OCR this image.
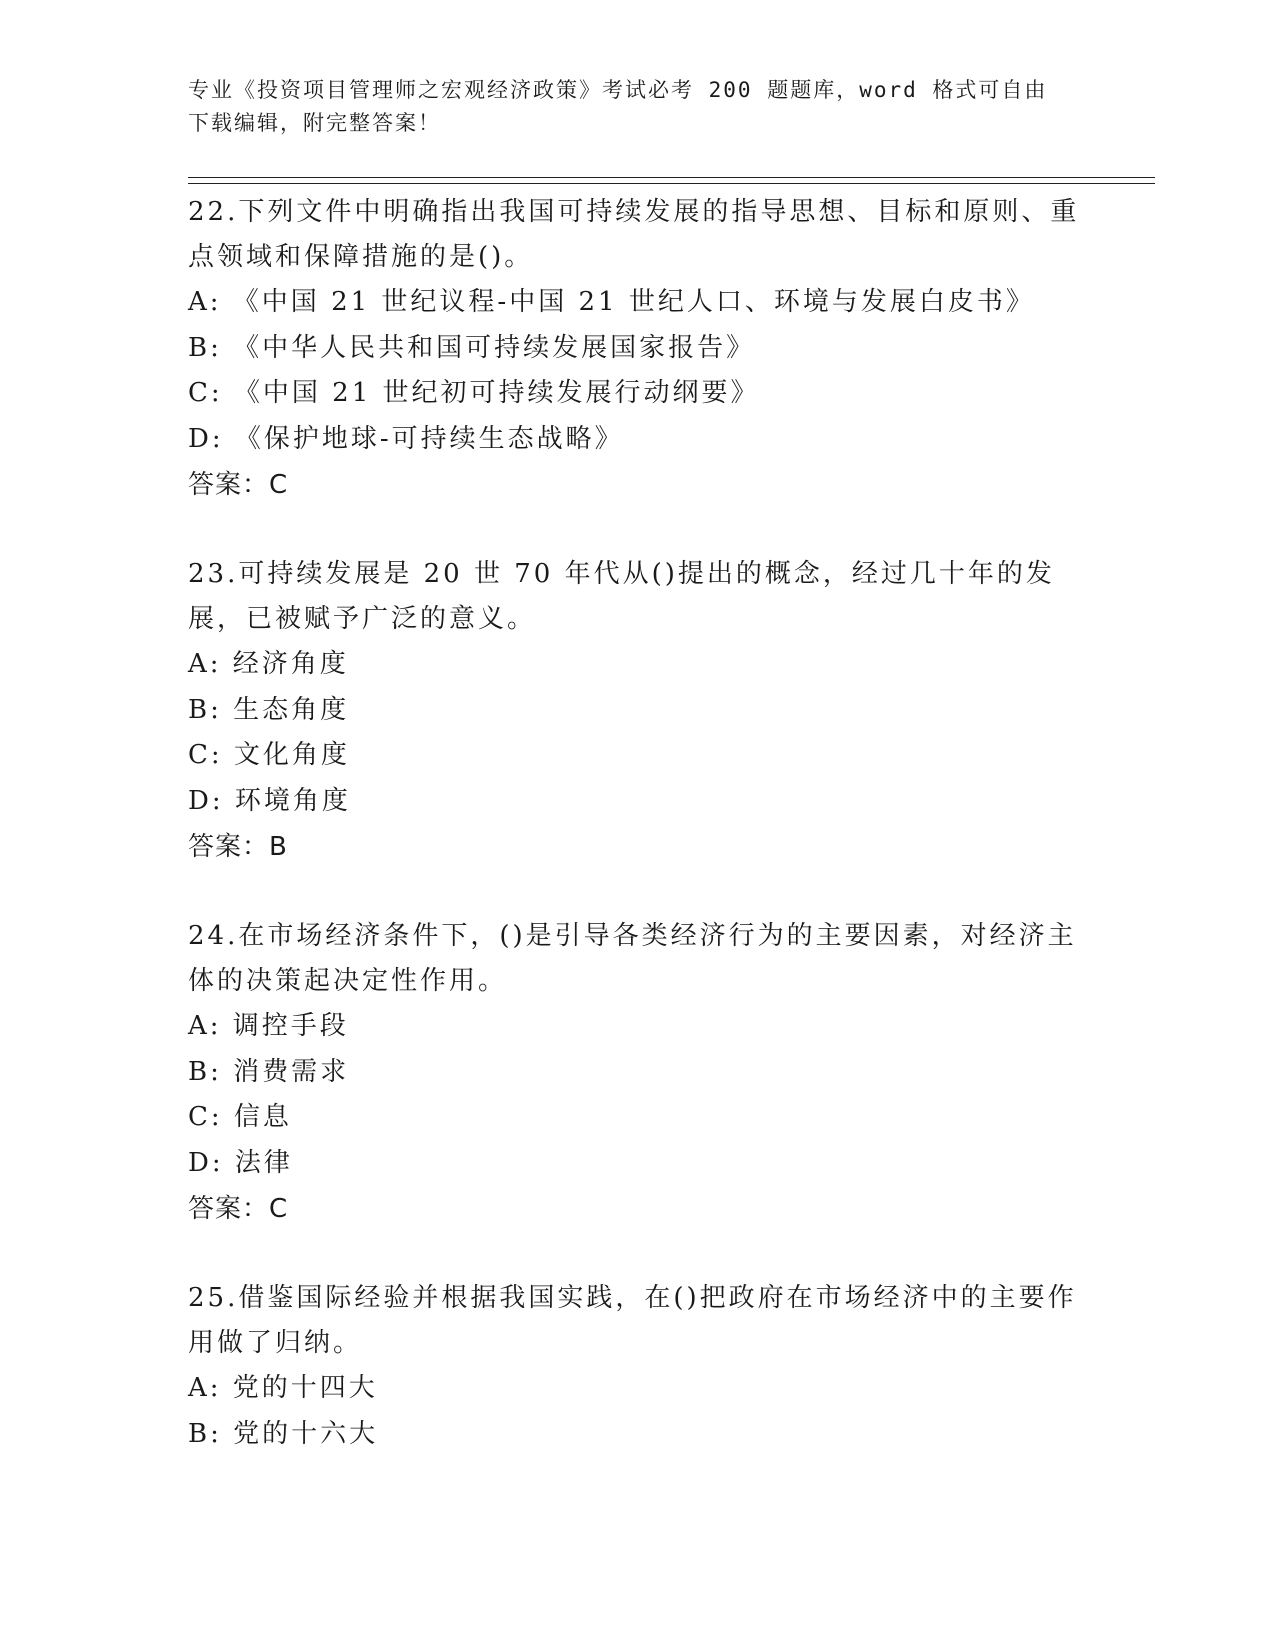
专业《投资项目管理师之宏观经济政策》考试必考 200 题题库，word 格式可自由
下载编辑，附完整答案！
22.下列文件中明确指出我国可持续发展的指导思想、目标和原则、重点领域和保障措施的是()。
A: 《中国 21 世纪议程-中国 21 世纪人口、环境与发展白皮书》
B: 《中华人民共和国可持续发展国家报告》
C: 《中国 21 世纪初可持续发展行动纲要》
D: 《保护地球-可持续生态战略》
答案：C
23.可持续发展是 20 世 70 年代从()提出的概念，经过几十年的发展，已被赋予广泛的意义。
A: 经济角度
B: 生态角度
C: 文化角度
D: 环境角度
答案：B
24.在市场经济条件下，()是引导各类经济行为的主要因素，对经济主体的决策起决定性作用。
A: 调控手段
B: 消费需求
C: 信息
D: 法律
答案：C
25.借鉴国际经验并根据我国实践，在()把政府在市场经济中的主要作用做了归纳。
A: 党的十四大
B: 党的十六大
